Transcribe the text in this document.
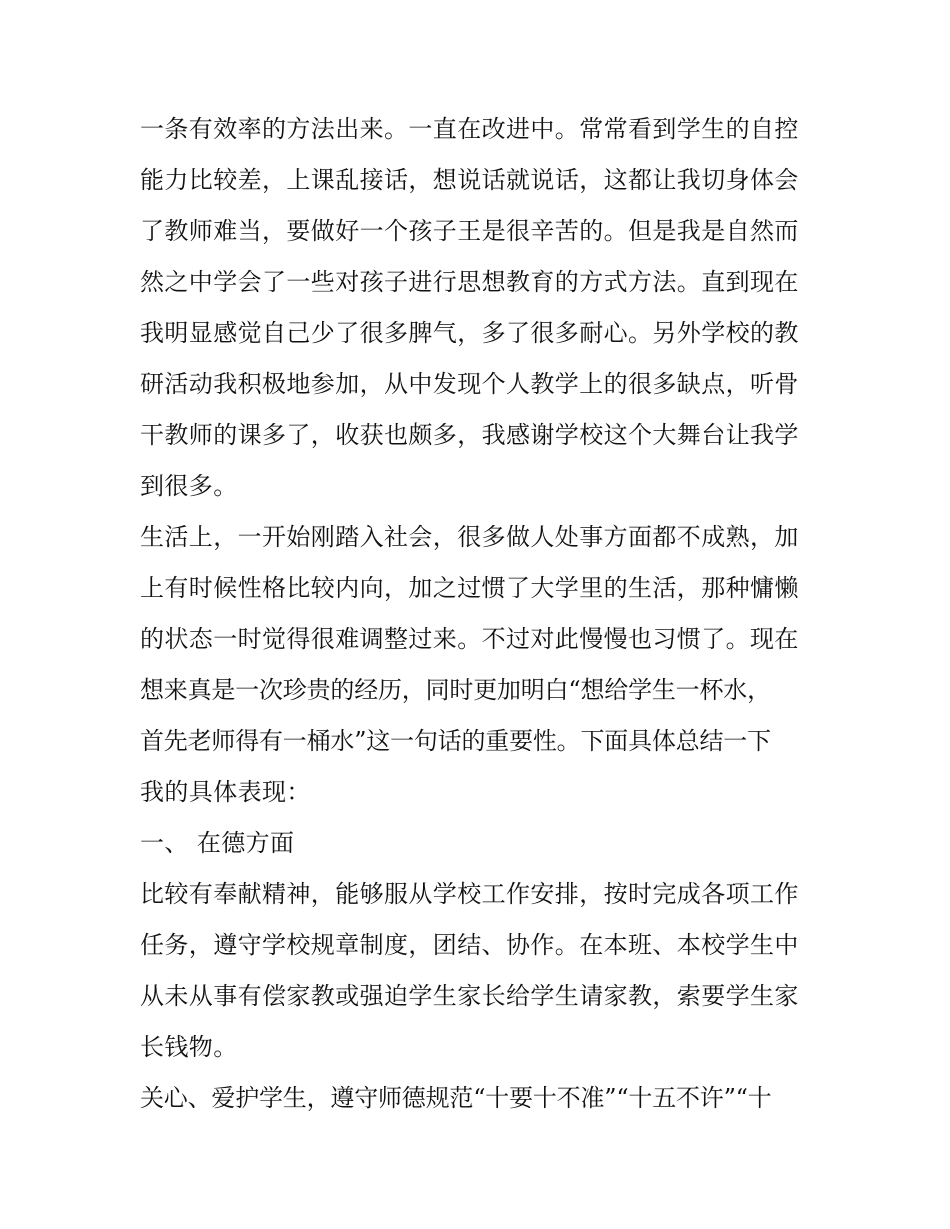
一条有效率的方法出来。一直在改进中。常常看到学生的自控
能力比较差，上课乱接话，想说话就说话，这都让我切身体会
了教师难当，要做好一个孩子王是很辛苦的。但是我是自然而
然之中学会了一些对孩子进行思想教育的方式方法。直到现在
我明显感觉自己少了很多脾气，多了很多耐心。另外学校的教
研活动我积极地参加，从中发现个人教学上的很多缺点，听骨
干教师的课多了，收获也颇多，我感谢学校这个大舞台让我学
到很多。
生活上，一开始刚踏入社会，很多做人处事方面都不成熟，加
上有时候性格比较内向，加之过惯了大学里的生活，那种慵懒
的状态一时觉得很难调整过来。不过对此慢慢也习惯了。现在
想来真是一次珍贵的经历，同时更加明白“想给学生一杯水，
首先老师得有一桶水”这一句话的重要性。下面具体总结一下
我的具体表现：
一、 在德方面
比较有奉献精神，能够服从学校工作安排，按时完成各项工作
任务，遵守学校规章制度，团结、协作。在本班、本校学生中
从未从事有偿家教或强迫学生家长给学生请家教，索要学生家
长钱物。
关心、爱护学生，遵守师德规范“十要十不准”“十五不许”“十
